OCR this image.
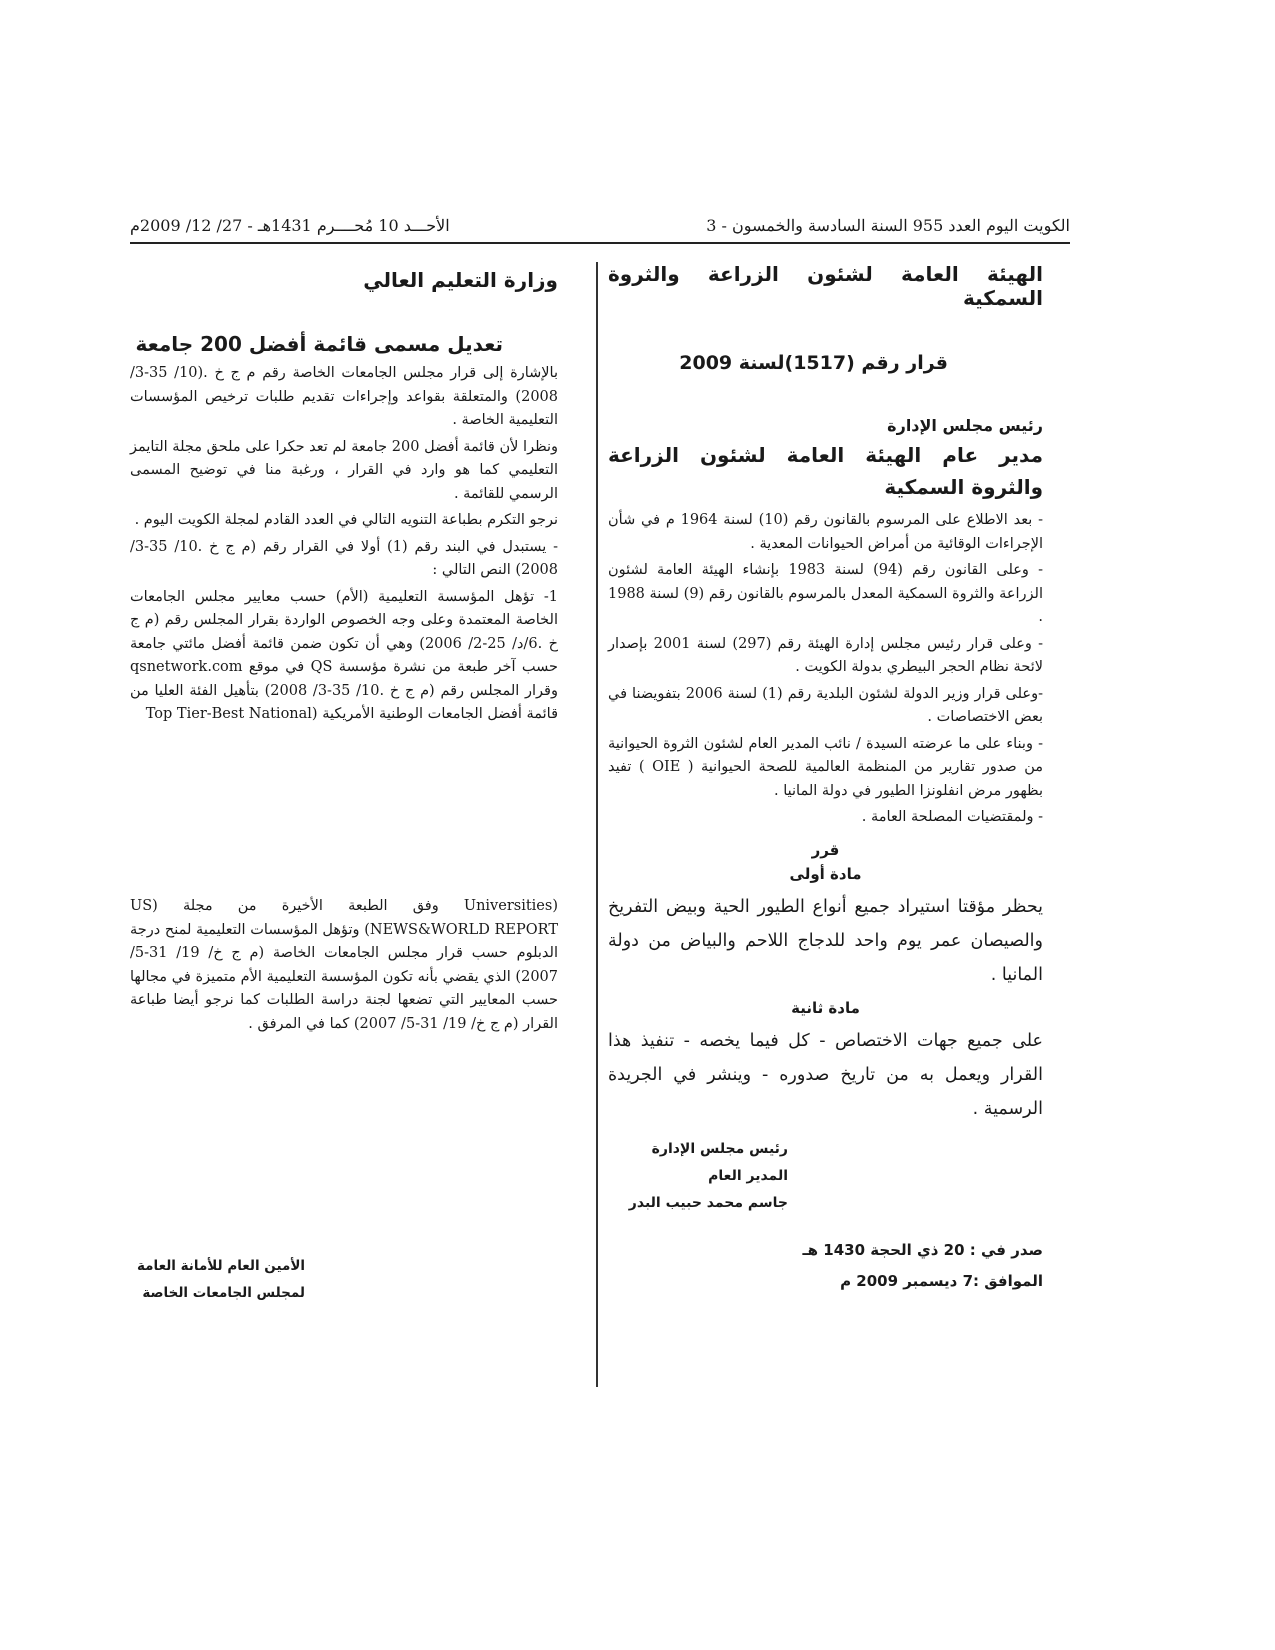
الكويت اليوم العدد 955 السنة السادسة والخمسون - 3
الأحـــد 10 مُحــــرم 1431هـ - 27/ 12/ 2009م
الهيئة العامة لشئون الزراعة والثروة السمكية
قرار رقم (1517)لسنة 2009
رئيس مجلس الإدارة
مدير عام الهيئة العامة لشئون الزراعة والثروة السمكية

- بعد الاطلاع على المرسوم بالقانون رقم (10) لسنة 1964 م في شأن الإجراءات الوقائية من أمراض الحيوانات المعدية .

- وعلى القانون رقم (94) لسنة 1983 بإنشاء الهيئة العامة لشئون الزراعة والثروة السمكية المعدل بالمرسوم بالقانون رقم (9) لسنة 1988 .

- وعلى قرار رئيس مجلس إدارة الهيئة رقم (297) لسنة 2001 بإصدار لائحة نظام الحجر البيطري بدولة الكويت .

-وعلى قرار وزير الدولة لشئون البلدية رقم (1) لسنة 2006 بتفويضنا في بعض الاختصاصات .

- وبناء على ما عرضته السيدة / نائب المدير العام لشئون الثروة الحيوانية من صدور تقارير من المنظمة العالمية للصحة الحيوانية ( OIE ) تفيد بظهور مرض انفلونزا الطيور في دولة المانيا .

- ولمقتضيات المصلحة العامة .

قرر
مادة أولى

يحظر مؤقتا استيراد جميع أنواع الطيور الحية وبيض التفريخ والصيصان عمر يوم واحد للدجاج اللاحم والبياض من دولة المانيا .

مادة ثانية

على جميع جهات الاختصاص - كل فيما يخصه - تنفيذ هذا القرار ويعمل به من تاريخ صدوره - وينشر في الجريدة الرسمية .

رئيس مجلس الإدارة
المدير العام
جاسم محمد حبيب البدر
صدر في : 20 ذي الحجة 1430 هـ
الموافق :7 ديسمبر 2009 م
وزارة التعليم العالي
تعديل مسمى قائمة أفضل 200 جامعة

بالإشارة إلى قرار مجلس الجامعات الخاصة رقم م ج خ .(10/ 35-3/ 2008) والمتعلقة بقواعد وإجراءات تقديم طلبات ترخيص المؤسسات التعليمية الخاصة .

ونظرا لأن قائمة أفضل 200 جامعة لم تعد حكرا على ملحق مجلة التايمز التعليمي كما هو وارد في القرار ، ورغبة منا في توضيح المسمى الرسمي للقائمة .

نرجو التكرم بطباعة التنويه التالي في العدد القادم لمجلة الكويت اليوم .

- يستبدل في البند رقم (1) أولا في القرار رقم (م ج خ .10/ 35-3/ 2008) النص التالي :

1- تؤهل المؤسسة التعليمية (الأم) حسب معايير مجلس الجامعات الخاصة المعتمدة وعلى وجه الخصوص الواردة بقرار المجلس رقم (م ج خ .6/د/ 25-2/ 2006) وهي أن تكون ضمن قائمة أفضل مائتي جامعة حسب آخر طبعة من نشرة مؤسسة QS في موقع qsnetwork.com وقرار المجلس رقم (م ج خ .10/ 35-3/ 2008) بتأهيل الفئة العليا من قائمة أفضل الجامعات الوطنية الأمريكية (Top Tier-Best National

(Universities وفق الطبعة الأخيرة من مجلة (US NEWS&WORLD REPORT) وتؤهل المؤسسات التعليمية لمنح درجة الدبلوم حسب قرار مجلس الجامعات الخاصة (م ج خ/ 19/ 31-5/ 2007) الذي يقضي بأنه تكون المؤسسة التعليمية الأم متميزة في مجالها حسب المعايير التي تضعها لجنة دراسة الطلبات كما نرجو أيضا طباعة القرار (م ج خ/ 19/ 31-5/ 2007) كما في المرفق .

الأمين العام للأمانة العامة
لمجلس الجامعات الخاصة
